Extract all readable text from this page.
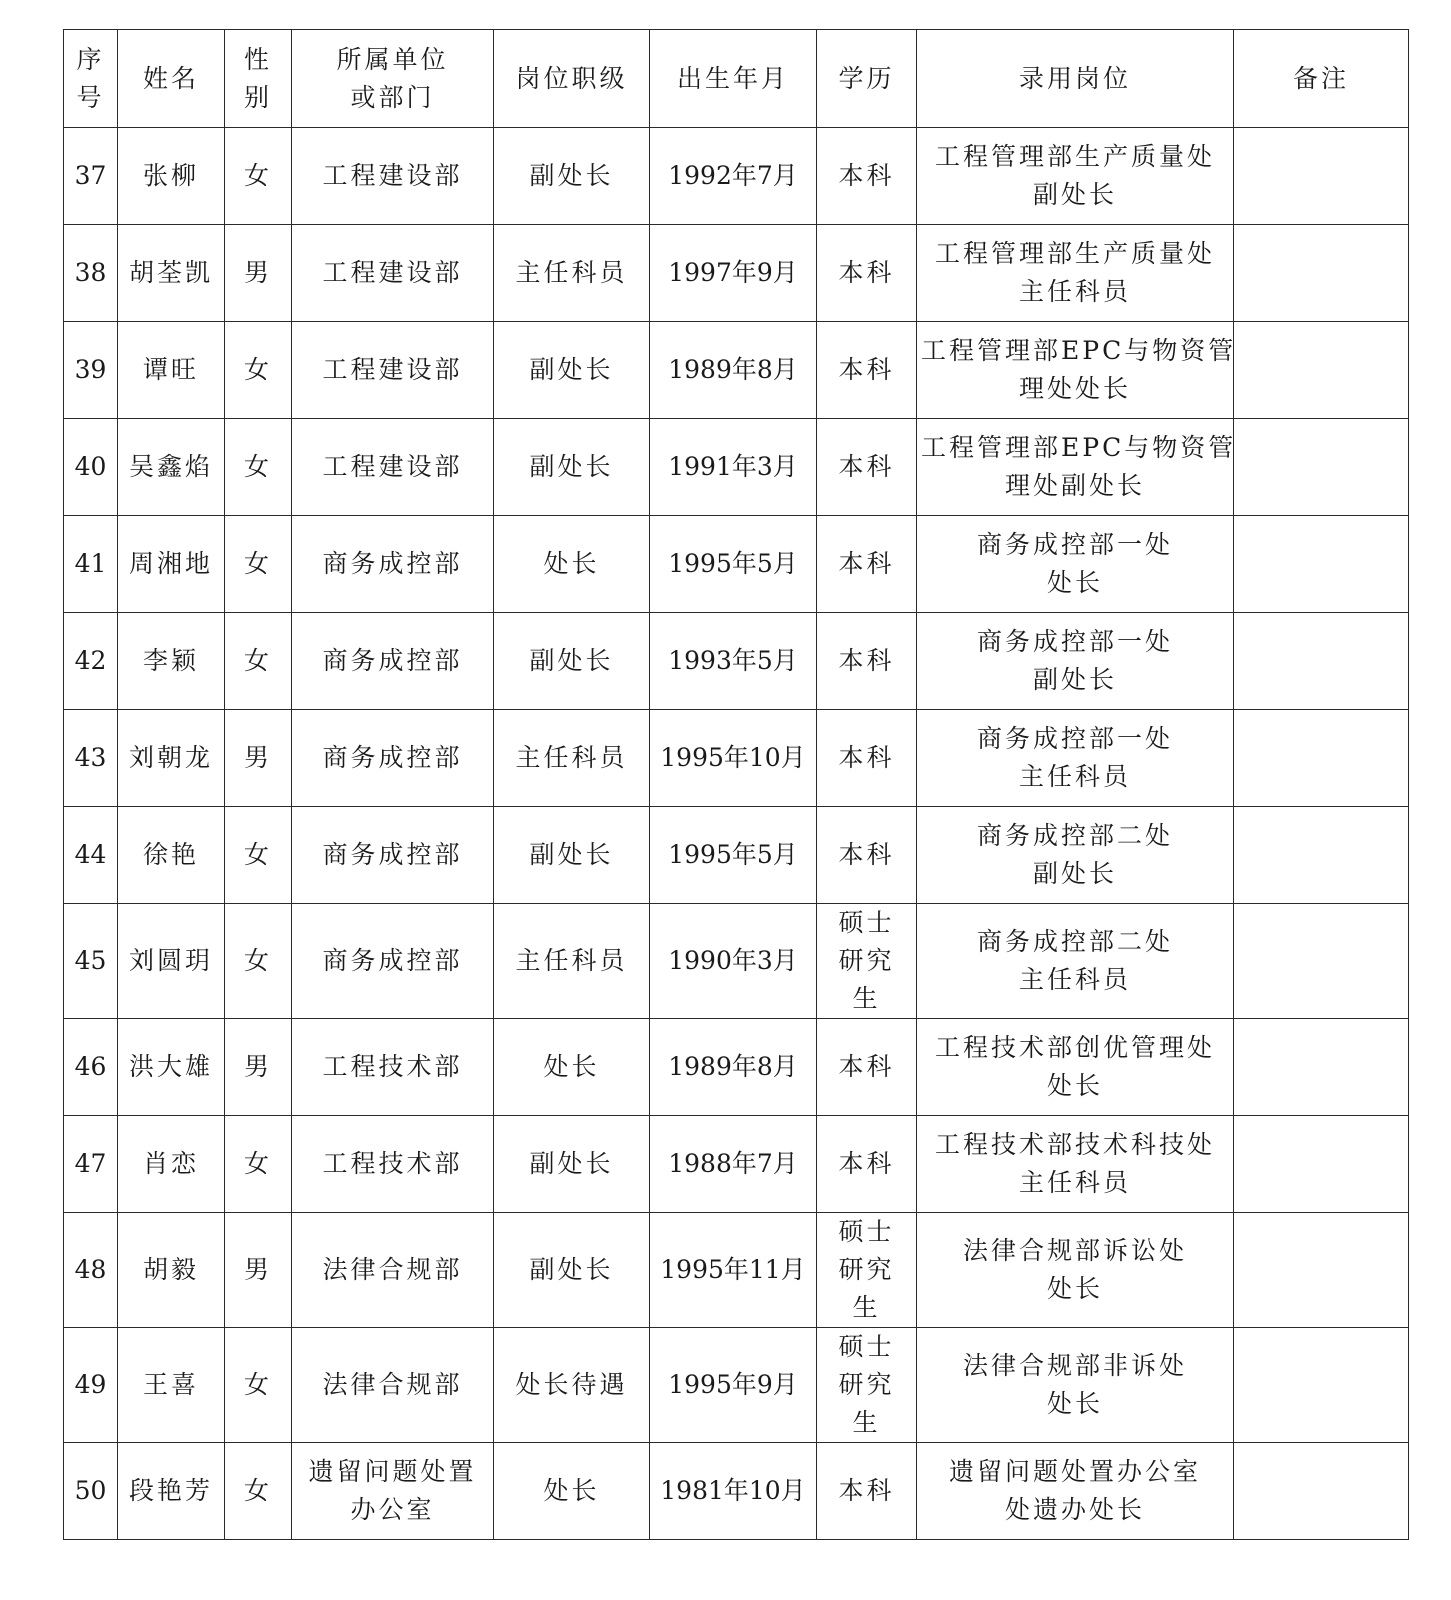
序
号	姓名	性
别	所属单位
或部门	岗位职级	出生年月	学历	录用岗位	备注

37	张柳	女	工程建设部	副处长	1992年7月	本科	工程管理部生产质量处
副处长	

38	胡荃凯	男	工程建设部	主任科员	1997年9月	本科	工程管理部生产质量处
主任科员	

39	谭旺	女	工程建设部	副处长	1989年8月	本科	工程管理部EPC与物资管
理处处长	

40	吴鑫焰	女	工程建设部	副处长	1991年3月	本科	工程管理部EPC与物资管
理处副处长	

41	周湘地	女	商务成控部	处长	1995年5月	本科	商务成控部一处
处长	

42	李颖	女	商务成控部	副处长	1993年5月	本科	商务成控部一处
副处长	

43	刘朝龙	男	商务成控部	主任科员	1995年10月	本科	商务成控部一处
主任科员	

44	徐艳	女	商务成控部	副处长	1995年5月	本科	商务成控部二处
副处长	

45	刘圆玥	女	商务成控部	主任科员	1990年3月	硕士
研究
生	商务成控部二处
主任科员	

46	洪大雄	男	工程技术部	处长	1989年8月	本科	工程技术部创优管理处
处长	

47	肖恋	女	工程技术部	副处长	1988年7月	本科	工程技术部技术科技处
主任科员	

48	胡毅	男	法律合规部	副处长	1995年11月	硕士
研究
生	法律合规部诉讼处
处长	

49	王喜	女	法律合规部	处长待遇	1995年9月	硕士
研究
生	法律合规部非诉处
处长	

50	段艳芳	女	遗留问题处置
办公室	处长	1981年10月	本科	遗留问题处置办公室
处遗办处长	
